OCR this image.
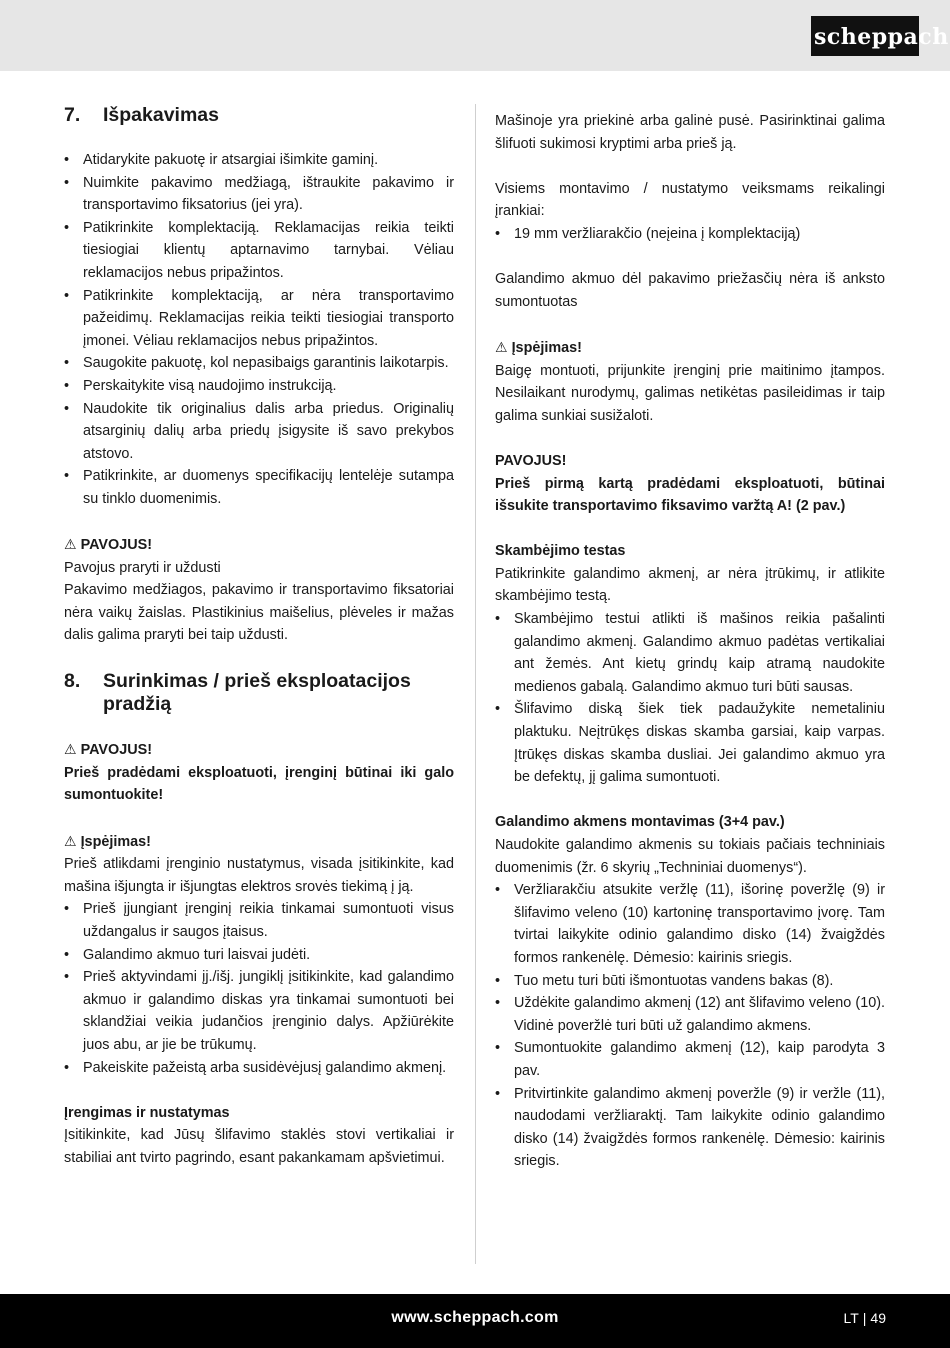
scheppach
7.	Išpakavimas
• Atidarykite pakuotę ir atsargiai išimkite gaminį.
• Nuimkite pakavimo medžiagą, ištraukite pakavimo ir transportavimo fiksatorius (jei yra).
• Patikrinkite komplektaciją. Reklamacijas reikia teikti tiesiogiai klientų aptarnavimo tarnybai. Vėliau reklamacijos nebus pripažintos.
• Patikrinkite komplektaciją, ar nėra transportavimo pažeidimų. Reklamacijas reikia teikti tiesiogiai transporto įmonei. Vėliau reklamacijos nebus pripažintos.
• Saugokite pakuotę, kol nepasibaigs garantinis laikotarpis.
• Perskaitykite visą naudojimo instrukciją.
• Naudokite tik originalius dalis arba priedus. Originalių atsarginių dalių arba priedų įsigysite iš savo prekybos atstovo.
• Patikrinkite, ar duomenys specifikacijų lentelėje sutampa su tinklo duomenimis.

⚠ PAVOJUS!

Pavojus praryti ir uždusti

Pakavimo medžiagos, pakavimo ir transportavimo fiksatoriai nėra vaikų žaislas. Plastikinius maišelius, plėveles ir mažas dalis galima praryti bei taip uždusti.

8.	Surinkimas / prieš eksploatacijos pradžią

⚠ PAVOJUS!

Prieš pradėdami eksploatuoti, įrenginį būtinai iki galo sumontuokite!

⚠ Įspėjimas!

Prieš atlikdami įrenginio nustatymus, visada įsitikinkite, kad mašina išjungta ir išjungtas elektros srovės tiekimą į ją.

• Prieš įjungiant įrenginį reikia tinkamai sumontuoti visus uždangalus ir saugos įtaisus.
• Galandimo akmuo turi laisvai judėti.
• Prieš aktyvindami įj./išj. jungiklį įsitikinkite, kad galandimo akmuo ir galandimo diskas yra tinkamai sumontuoti bei sklandžiai veikia judančios įrenginio dalys. Apžiūrėkite juos abu, ar jie be trūkumų.
• Pakeiskite pažeistą arba susidėvėjusį galandimo akmenį.

Įrengimas ir nustatymas

Įsitikinkite, kad Jūsų šlifavimo staklės stovi vertikaliai ir stabiliai ant tvirto pagrindo, esant pakankamam apšvietimui.

Mašinoje yra priekinė arba galinė pusė. Pasirinktinai galima šlifuoti sukimosi kryptimi arba prieš ją.

Visiems montavimo / nustatymo veiksmams reikalingi įrankiai:

• 19 mm veržliarakčio (neįeina į komplektaciją)

Galandimo akmuo dėl pakavimo priežasčių nėra iš anksto sumontuotas

⚠ Įspėjimas!

Baigę montuoti, prijunkite įrenginį prie maitinimo įtampos. Nesilaikant nurodymų, galimas netikėtas pasileidimas ir taip galima sunkiai susižaloti.

PAVOJUS!

Prieš pirmą kartą pradėdami eksploatuoti, būtinai išsukite transportavimo fiksavimo varžtą A! (2 pav.)

Skambėjimo testas

Patikrinkite galandimo akmenį, ar nėra įtrūkimų, ir atlikite skambėjimo testą.

• Skambėjimo testui atlikti iš mašinos reikia pašalinti galandimo akmenį. Galandimo akmuo padėtas vertikaliai ant žemės. Ant kietų grindų kaip atramą naudokite medienos gabalą. Galandimo akmuo turi būti sausas.
• Šlifavimo diską šiek tiek padaužykite nemetaliniu plaktuku. Neįtrūkęs diskas skamba garsiai, kaip varpas. Įtrūkęs diskas skamba dusliai. Jei galandimo akmuo yra be defektų, jį galima sumontuoti.

Galandimo akmens montavimas (3+4 pav.)

Naudokite galandimo akmenis su tokiais pačiais techniniais duomenimis (žr. 6 skyrių „Techniniai duomenys“).

• Veržliarakčiu atsukite veržlę (11), išorinę poveržlę (9) ir šlifavimo veleno (10) kartoninę transportavimo įvorę. Tam tvirtai laikykite odinio galandimo disko (14) žvaigždės formos rankenėlę. Dėmesio: kairinis sriegis.
• Tuo metu turi būti išmontuotas vandens bakas (8).
• Uždėkite galandimo akmenį (12) ant šlifavimo veleno (10). Vidinė poveržlė turi būti už galandimo akmens.
• Sumontuokite galandimo akmenį (12), kaip parodyta 3 pav.
• Pritvirtinkite galandimo akmenį poveržle (9) ir veržle (11), naudodami veržliaraktį. Tam laikykite odinio galandimo disko (14) žvaigždės formos rankenėlę. Dėmesio: kairinis sriegis.
www.scheppach.com	LT | 49
